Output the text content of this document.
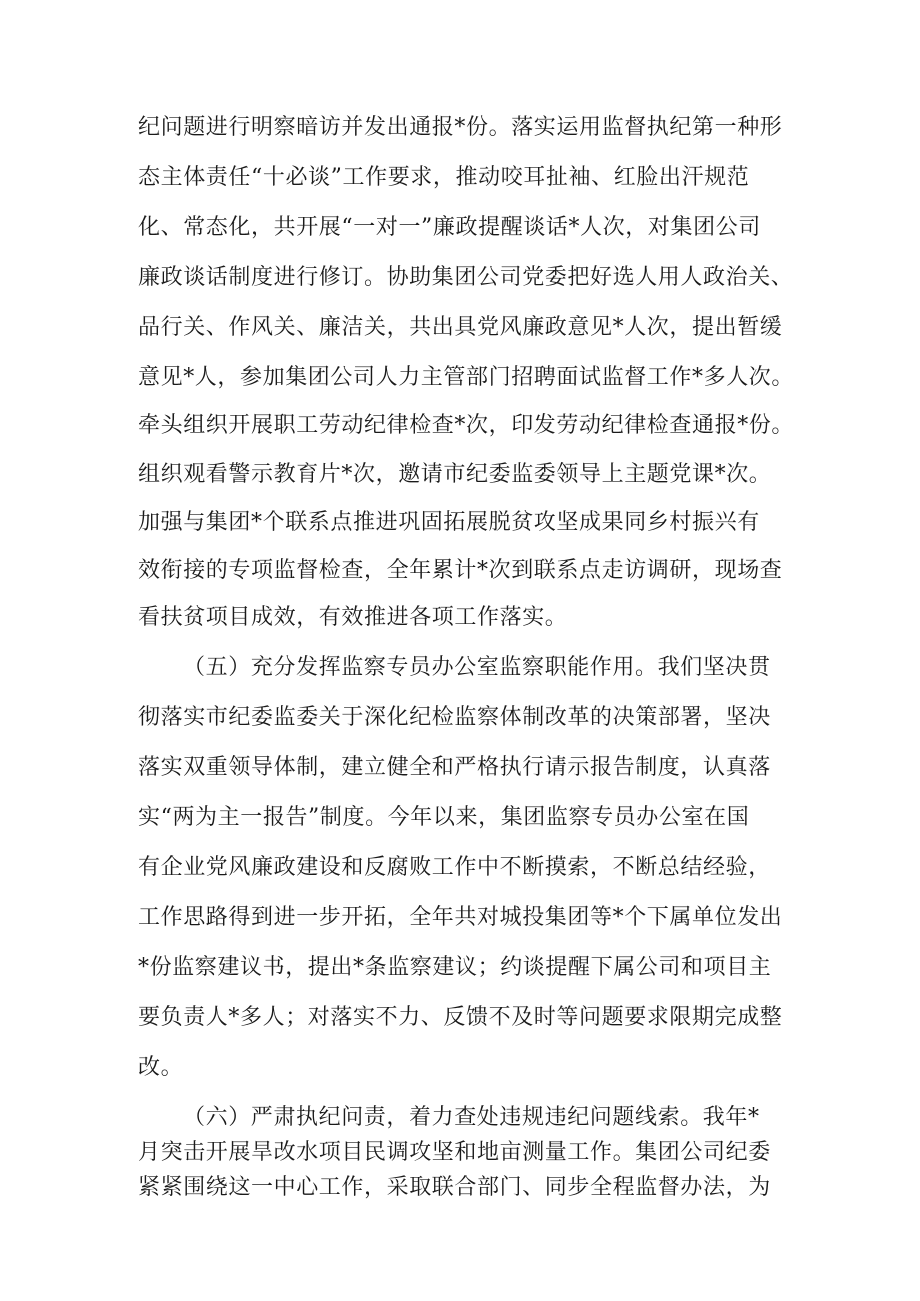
纪问题进行明察暗访并发出通报*份。落实运用监督执纪第一种形
态主体责任“十必谈”工作要求，推动咬耳扯袖、红脸出汗规范
化、常态化，共开展“一对一”廉政提醒谈话*人次，对集团公司
廉政谈话制度进行修订。协助集团公司党委把好选人用人政治关、
品行关、作风关、廉洁关，共出具党风廉政意见*人次，提出暂缓
意见*人，参加集团公司人力主管部门招聘面试监督工作*多人次。
牵头组织开展职工劳动纪律检查*次，印发劳动纪律检查通报*份。
组织观看警示教育片*次，邀请市纪委监委领导上主题党课*次。
加强与集团*个联系点推进巩固拓展脱贫攻坚成果同乡村振兴有
效衔接的专项监督检查，全年累计*次到联系点走访调研，现场查
看扶贫项目成效，有效推进各项工作落实。
（五）充分发挥监察专员办公室监察职能作用。我们坚决贯
彻落实市纪委监委关于深化纪检监察体制改革的决策部署，坚决
落实双重领导体制，建立健全和严格执行请示报告制度，认真落
实“两为主一报告”制度。今年以来，集团监察专员办公室在国
有企业党风廉政建设和反腐败工作中不断摸索，不断总结经验，
工作思路得到进一步开拓，全年共对城投集团等*个下属单位发出
*份监察建议书，提出*条监察建议；约谈提醒下属公司和项目主
要负责人*多人；对落实不力、反馈不及时等问题要求限期完成整
改。
（六）严肃执纪问责，着力查处违规违纪问题线索。我年*
月突击开展旱改水项目民调攻坚和地亩测量工作。集团公司纪委
紧紧围绕这一中心工作，采取联合部门、同步全程监督办法，为
